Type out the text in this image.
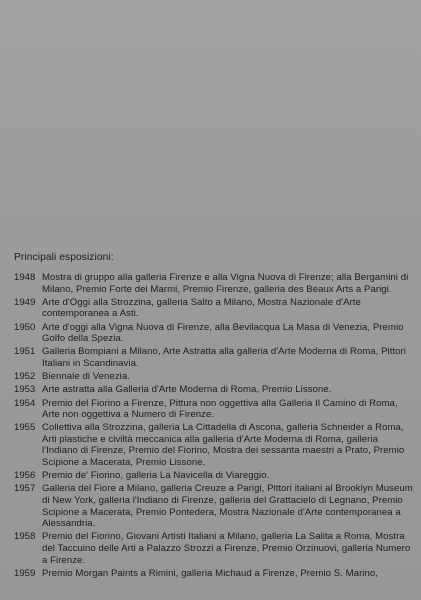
Principali esposizioni:
1948 Mostra di gruppo alla galleria Firenze e alla Vigna Nuova di Firenze; alla Bergamini di Milano, Premio Forte dei Marmi, Premio Firenze, galleria des Beaux Arts a Parigi.
1949 Arte d'Oggi alla Strozzina, galleria Salto a Milano, Mostra Nazionale d'Arte contemporanea a Asti.
1950 Arte d'oggi alla Vigna Nuova di Firenze, alla Bevilacqua La Masa di Venezia, Premio Golfo della Spezia.
1951 Galleria Bompiani a Milano, Arte Astratta alla galleria d'Arte Moderna di Roma, Pittori Italiani in Scandinavia.
1952 Biennale di Venezia.
1953 Arte astratta alla Galleria d'Arte Moderna di Roma, Premio Lissone.
1954 Premio del Fiorino a Firenze, Pittura non oggettiva alla Galleria Il Camino di Roma, Arte non oggettiva a Numero di Firenze.
1955 Collettiva alla Strozzina, galleria La Cittadella di Ascona, galleria Schneider a Roma, Arti plastiche e civiltà meccanica alla galleria d'Arte Moderna di Roma, galleria l'Indiano di Firenze, Premio del Fiorino, Mostra dei sessanta maestri a Prato, Premio Scipione a Macerata, Premio Lissone.
1956 Premio de' Fiorino, galleria La Navicella di Viareggio.
1957 Galleria del Fiore a Milano, galleria Creuze a Parigi, Pittori italiani al Brooklyn Museum di New York, galleria l'Indiano di Firenze, galleria del Grattacielo di Legnano, Premio Scipione a Macerata, Premio Pontedera, Mostra Nazionale d'Arte contemporanea a Alessandria.
1958 Premio del Fiorino, Giovani Artisti Italiani a Milano, galleria La Salita a Roma, Mostra del Taccuino delle Arti a Palazzo Strozzi a Firenze, Premio Orzinuovi, galleria Numero a Firenze.
1959 Premio Morgan Paints a Rimini, galleria Michaud a Firenze, Premio S. Marino,
